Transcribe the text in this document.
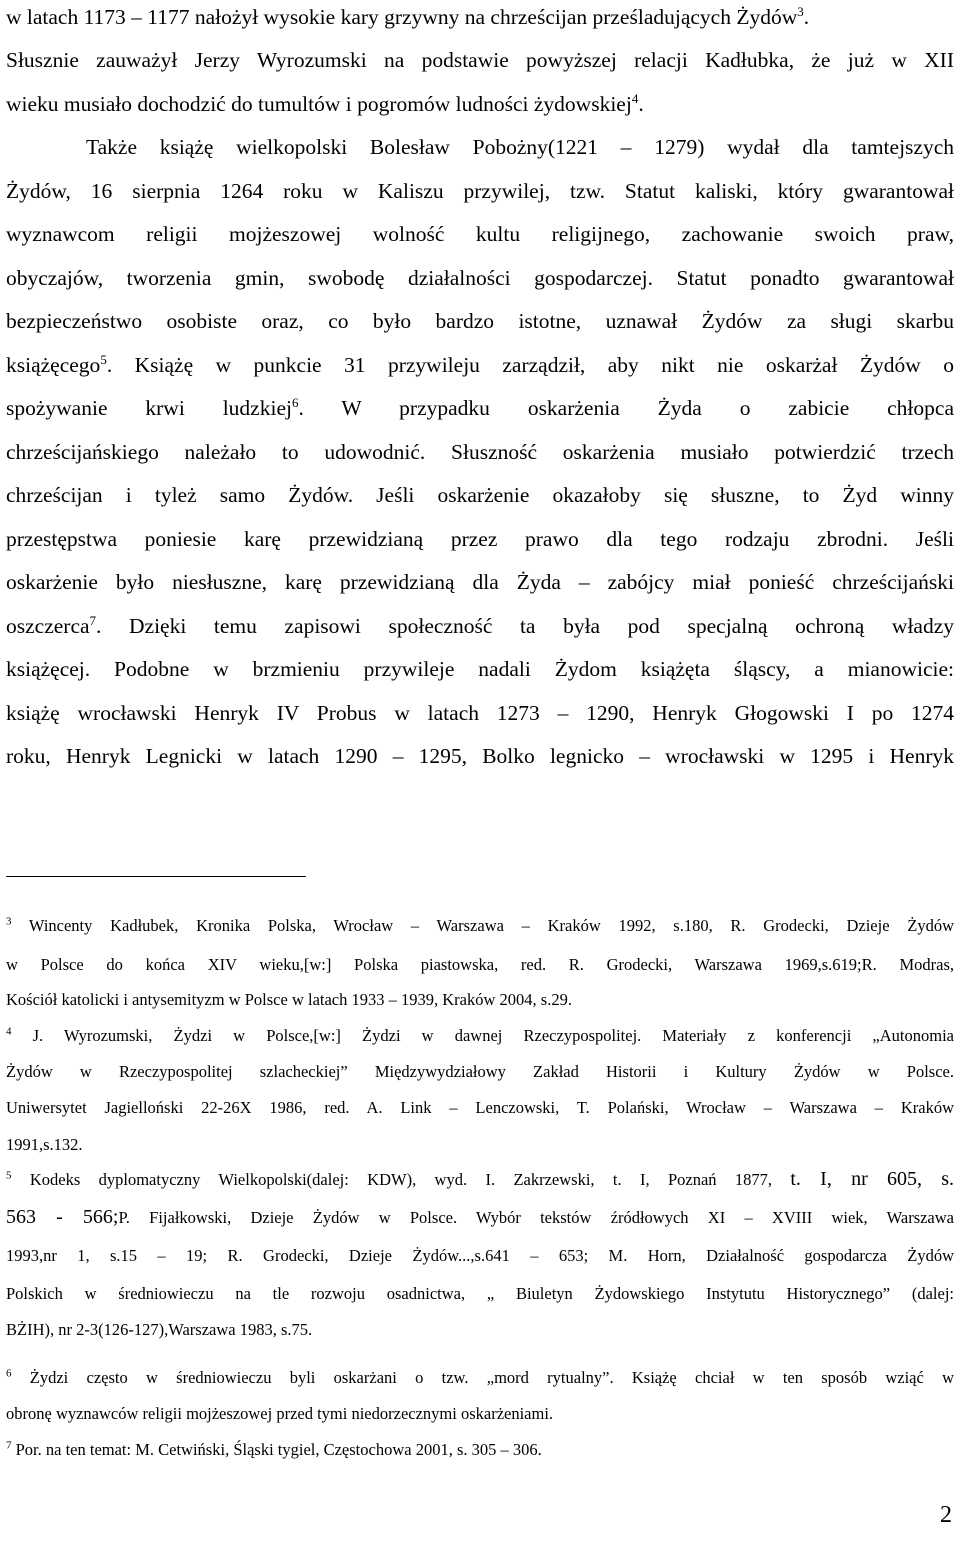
w latach 1173 – 1177 nałożył wysokie kary grzywny na chrześcijan prześladujących Żydów$^3$.
Słusznie zauważył Jerzy Wyrozumski na podstawie powyższej relacji Kadłubka, że już w XII
wieku musiało dochodzić do tumultów i pogromów ludności żydowskiej$^4$.
Także książę wielkopolski Bolesław Pobożny(1221 – 1279) wydał dla tamtejszych
Żydów, 16 sierpnia 1264 roku w Kaliszu przywilej, tzw. Statut kaliski, który gwarantował
wyznawcom religii mojżeszowej wolność kultu religijnego, zachowanie swoich praw,
obyczajów, tworzenia gmin, swobodę działalności gospodarczej. Statut ponadto gwarantował
bezpieczeństwo osobiste oraz, co było bardzo istotne, uznawał Żydów za sługi skarbu
książęcego$^5$. Książę w punkcie 31 przywileju zarządził, aby nikt nie oskarżał Żydów o
spożywanie krwi ludzkiej$^6$. W przypadku oskarżenia Żyda o zabicie chłopca
chrześcijańskiego należało to udowodnić. Słuszność oskarżenia musiało potwierdzić trzech
chrześcijan i tyleż samo Żydów. Jeśli oskarżenie okazałoby się słuszne, to Żyd winny
przestępstwa poniesie karę przewidzianą przez prawo dla tego rodzaju zbrodni. Jeśli
oskarżenie było niesłuszne, karę przewidzianą dla Żyda – zabójcy miał ponieść chrześcijański
oszczerca$^7$. Dzięki temu zapisowi społeczność ta była pod specjalną ochroną władzy
książęcej. Podobne w brzmieniu przywileje nadali Żydom książęta śląscy, a mianowicie:
książę wrocławski Henryk IV Probus w latach 1273 – 1290, Henryk Głogowski I po 1274
roku, Henryk Legnicki w latach 1290 – 1295, Bolko legnicko – wrocławski w 1295 i Henryk
$^3$ Wincenty Kadłubek, Kronika Polska, Wrocław – Warszawa – Kraków 1992, s.180, R. Grodecki, Dzieje Żydów
w Polsce do końca XIV wieku,[w:] Polska piastowska, red. R. Grodecki, Warszawa 1969,s.619;R. Modras,
Kościół katolicki i antysemityzm w Polsce w latach 1933 – 1939, Kraków 2004, s.29.
$^4$ J. Wyrozumski, Żydzi w Polsce,[w:] Żydzi w dawnej Rzeczypospolitej. Materiały z konferencji „Autonomia
Żydów w Rzeczypospolitej szlacheckiej” Międzywydziałowy Zakład Historii i Kultury Żydów w Polsce.
Uniwersytet Jagielloński 22-26X 1986, red. A. Link – Lenczowski, T. Polański, Wrocław – Warszawa – Kraków
1991,s.132.
$^5$ Kodeks dyplomatyczny Wielkopolski(dalej: KDW), wyd. I. Zakrzewski, t. I, Poznań 1877, t. I, nr 605, s.
563 - 566;P. Fijałkowski, Dzieje Żydów w Polsce. Wybór tekstów źródłowych XI – XVIII wiek, Warszawa
1993,nr 1, s.15 – 19; R. Grodecki, Dzieje Żydów...,s.641 – 653; M. Horn, Działalność gospodarcza Żydów
Polskich w średniowieczu na tle rozwoju osadnictwa, „ Biuletyn Żydowskiego Instytutu Historycznego” (dalej:
BŻIH), nr 2-3(126-127),Warszawa 1983, s.75.
$^6$ Żydzi często w średniowieczu byli oskarżani o tzw. „mord rytualny”. Książę chciał w ten sposób wziąć w
obronę wyznawców religii mojżeszowej przed tymi niedorzecznymi oskarżeniami.
$^7$ Por. na ten temat: M. Cetwiński, Śląski tygiel, Częstochowa 2001, s. 305 – 306.
2
